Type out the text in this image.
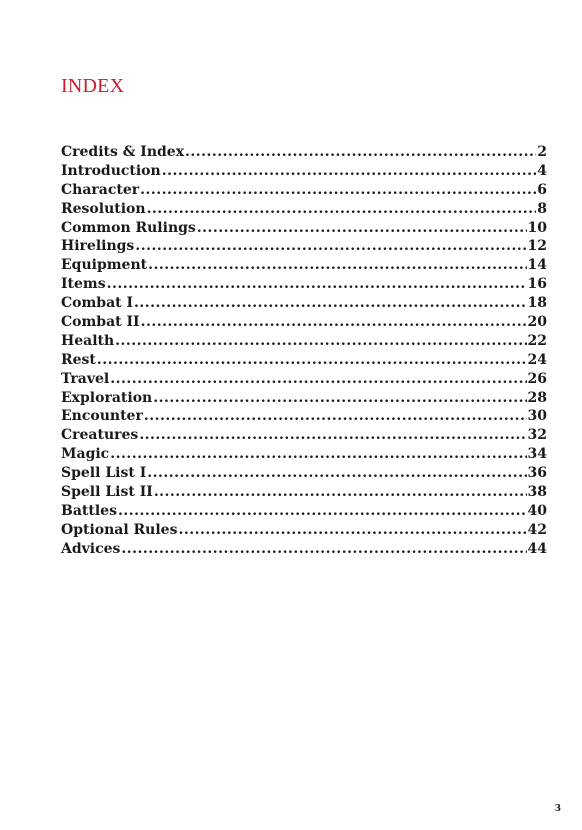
INDEX
Credits & Index .....	2
Introduction .....	4
Character .....	6
Resolution .....	8
Common Rulings .....	10
Hirelings .....	12
Equipment .....	14
Items .....	16
Combat I .....	18
Combat II .....	20
Health .....	22
Rest .....	24
Travel .....	26
Exploration .....	28
Encounter .....	30
Creatures .....	32
Magic .....	34
Spell List I .....	36
Spell List II .....	38
Battles .....	40
Optional Rules .....	42
Advices .....	44
3
